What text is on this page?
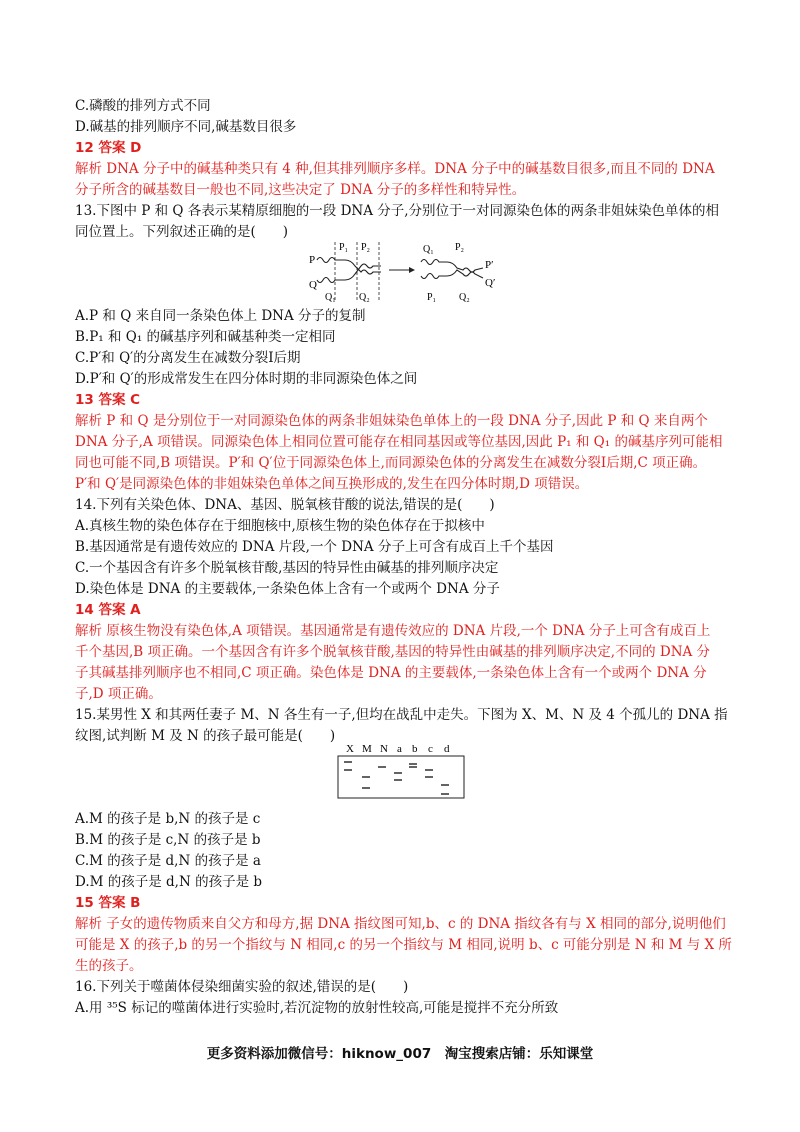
C.磷酸的排列方式不同
D.碱基的排列顺序不同,碱基数目很多
12 答案 D
解析 DNA 分子中的碱基种类只有 4 种,但其排列顺序多样。DNA 分子中的碱基数目很多,而且不同的 DNA
分子所含的碱基数目一般也不同,这些决定了 DNA 分子的多样性和特异性。
13.下图中 P 和 Q 各表示某精原细胞的一段 DNA 分子,分别位于一对同源染色体的两条非姐妹染色单体的相
同位置上。下列叙述正确的是(　　)
P
P₁ P₂
Q
Q₁ Q₂
Q₁ P₂
P′
Q′
P₁ Q₂
A.P 和 Q 来自同一条染色体上 DNA 分子的复制
B.P₁ 和 Q₁ 的碱基序列和碱基种类一定相同
C.P′和 Q′的分离发生在减数分裂Ⅰ后期
D.P′和 Q′的形成常发生在四分体时期的非同源染色体之间
13 答案 C
解析 P 和 Q 是分别位于一对同源染色体的两条非姐妹染色单体上的一段 DNA 分子,因此 P 和 Q 来自两个
DNA 分子,A 项错误。同源染色体上相同位置可能存在相同基因或等位基因,因此 P₁ 和 Q₁ 的碱基序列可能相
同也可能不同,B 项错误。P′和 Q′位于同源染色体上,而同源染色体的分离发生在减数分裂Ⅰ后期,C 项正确。
P′和 Q′是同源染色体的非姐妹染色单体之间互换形成的,发生在四分体时期,D 项错误。
14.下列有关染色体、DNA、基因、脱氧核苷酸的说法,错误的是(　　)
A.真核生物的染色体存在于细胞核中,原核生物的染色体存在于拟核中
B.基因通常是有遗传效应的 DNA 片段,一个 DNA 分子上可含有成百上千个基因
C.一个基因含有许多个脱氧核苷酸,基因的特异性由碱基的排列顺序决定
D.染色体是 DNA 的主要载体,一条染色体上含有一个或两个 DNA 分子
14 答案 A
解析 原核生物没有染色体,A 项错误。基因通常是有遗传效应的 DNA 片段,一个 DNA 分子上可含有成百上
千个基因,B 项正确。一个基因含有许多个脱氧核苷酸,基因的特异性由碱基的排列顺序决定,不同的 DNA 分
子其碱基排列顺序也不相同,C 项正确。染色体是 DNA 的主要载体,一条染色体上含有一个或两个 DNA 分
子,D 项正确。
15.某男性 X 和其两任妻子 M、N 各生有一子,但均在战乱中走失。下图为 X、M、N 及 4 个孤儿的 DNA 指
纹图,试判断 M 及 N 的孩子最可能是(　　)
X M N a b c d
A.M 的孩子是 b,N 的孩子是 c
B.M 的孩子是 c,N 的孩子是 b
C.M 的孩子是 d,N 的孩子是 a
D.M 的孩子是 d,N 的孩子是 b
15 答案 B
解析 子女的遗传物质来自父方和母方,据 DNA 指纹图可知,b、c 的 DNA 指纹各有与 X 相同的部分,说明他们
可能是 X 的孩子,b 的另一个指纹与 N 相同,c 的另一个指纹与 M 相同,说明 b、c 可能分别是 N 和 M 与 X 所
生的孩子。
16.下列关于噬菌体侵染细菌实验的叙述,错误的是(　　)
A.用 ³⁵S 标记的噬菌体进行实验时,若沉淀物的放射性较高,可能是搅拌不充分所致
更多资料添加微信号：hiknow_007　淘宝搜索店铺：乐知课堂
